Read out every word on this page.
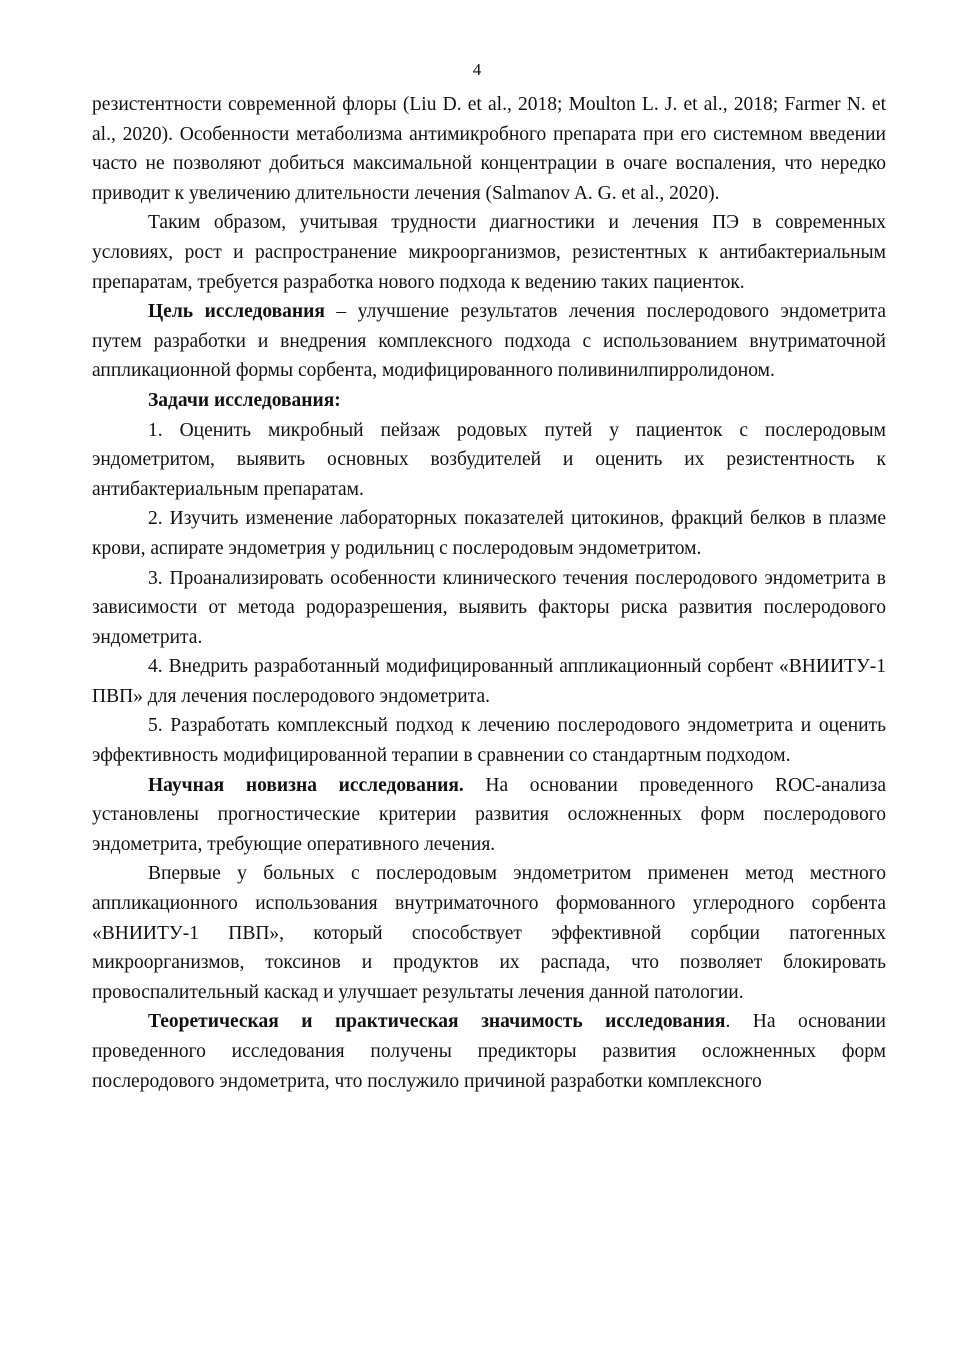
4

резистентности современной флоры (Liu D. et al., 2018; Moulton L. J. et al., 2018; Farmer N. et al., 2020). Особенности метаболизма антимикробного препарата при его системном введении часто не позволяют добиться максимальной концентрации в очаге воспаления, что нередко приводит к увеличению длительности лечения (Salmanov A. G. et al., 2020).

Таким образом, учитывая трудности диагностики и лечения ПЭ в современных условиях, рост и распространение микроорганизмов, резистентных к антибактериальным препаратам, требуется разработка нового подхода к ведению таких пациенток.

Цель исследования – улучшение результатов лечения послеродового эндометрита путем разработки и внедрения комплексного подхода с использованием внутриматочной аппликационной формы сорбента, модифицированного поливинилпирролидоном.

Задачи исследования:

1. Оценить микробный пейзаж родовых путей у пациенток с послеродовым эндометритом, выявить основных возбудителей и оценить их резистентность к антибактериальным препаратам.

2. Изучить изменение лабораторных показателей цитокинов, фракций белков в плазме крови, аспирате эндометрия у родильниц с послеродовым эндометритом.

3. Проанализировать особенности клинического течения послеродового эндометрита в зависимости от метода родоразрешения, выявить факторы риска развития послеродового эндометрита.

4. Внедрить разработанный модифицированный аппликационный сорбент «ВНИИТУ-1 ПВП» для лечения послеродового эндометрита.

5. Разработать комплексный подход к лечению послеродового эндометрита и оценить эффективность модифицированной терапии в сравнении со стандартным подходом.

Научная новизна исследования. На основании проведенного ROC-анализа установлены прогностические критерии развития осложненных форм послеродового эндометрита, требующие оперативного лечения.

Впервые у больных с послеродовым эндометритом применен метод местного аппликационного использования внутриматочного формованного углеродного сорбента «ВНИИТУ-1 ПВП», который способствует эффективной сорбции патогенных микроорганизмов, токсинов и продуктов их распада, что позволяет блокировать провоспалительный каскад и улучшает результаты лечения данной патологии.

Теоретическая и практическая значимость исследования. На основании проведенного исследования получены предикторы развития осложненных форм послеродового эндометрита, что послужило причиной разработки комплексного
